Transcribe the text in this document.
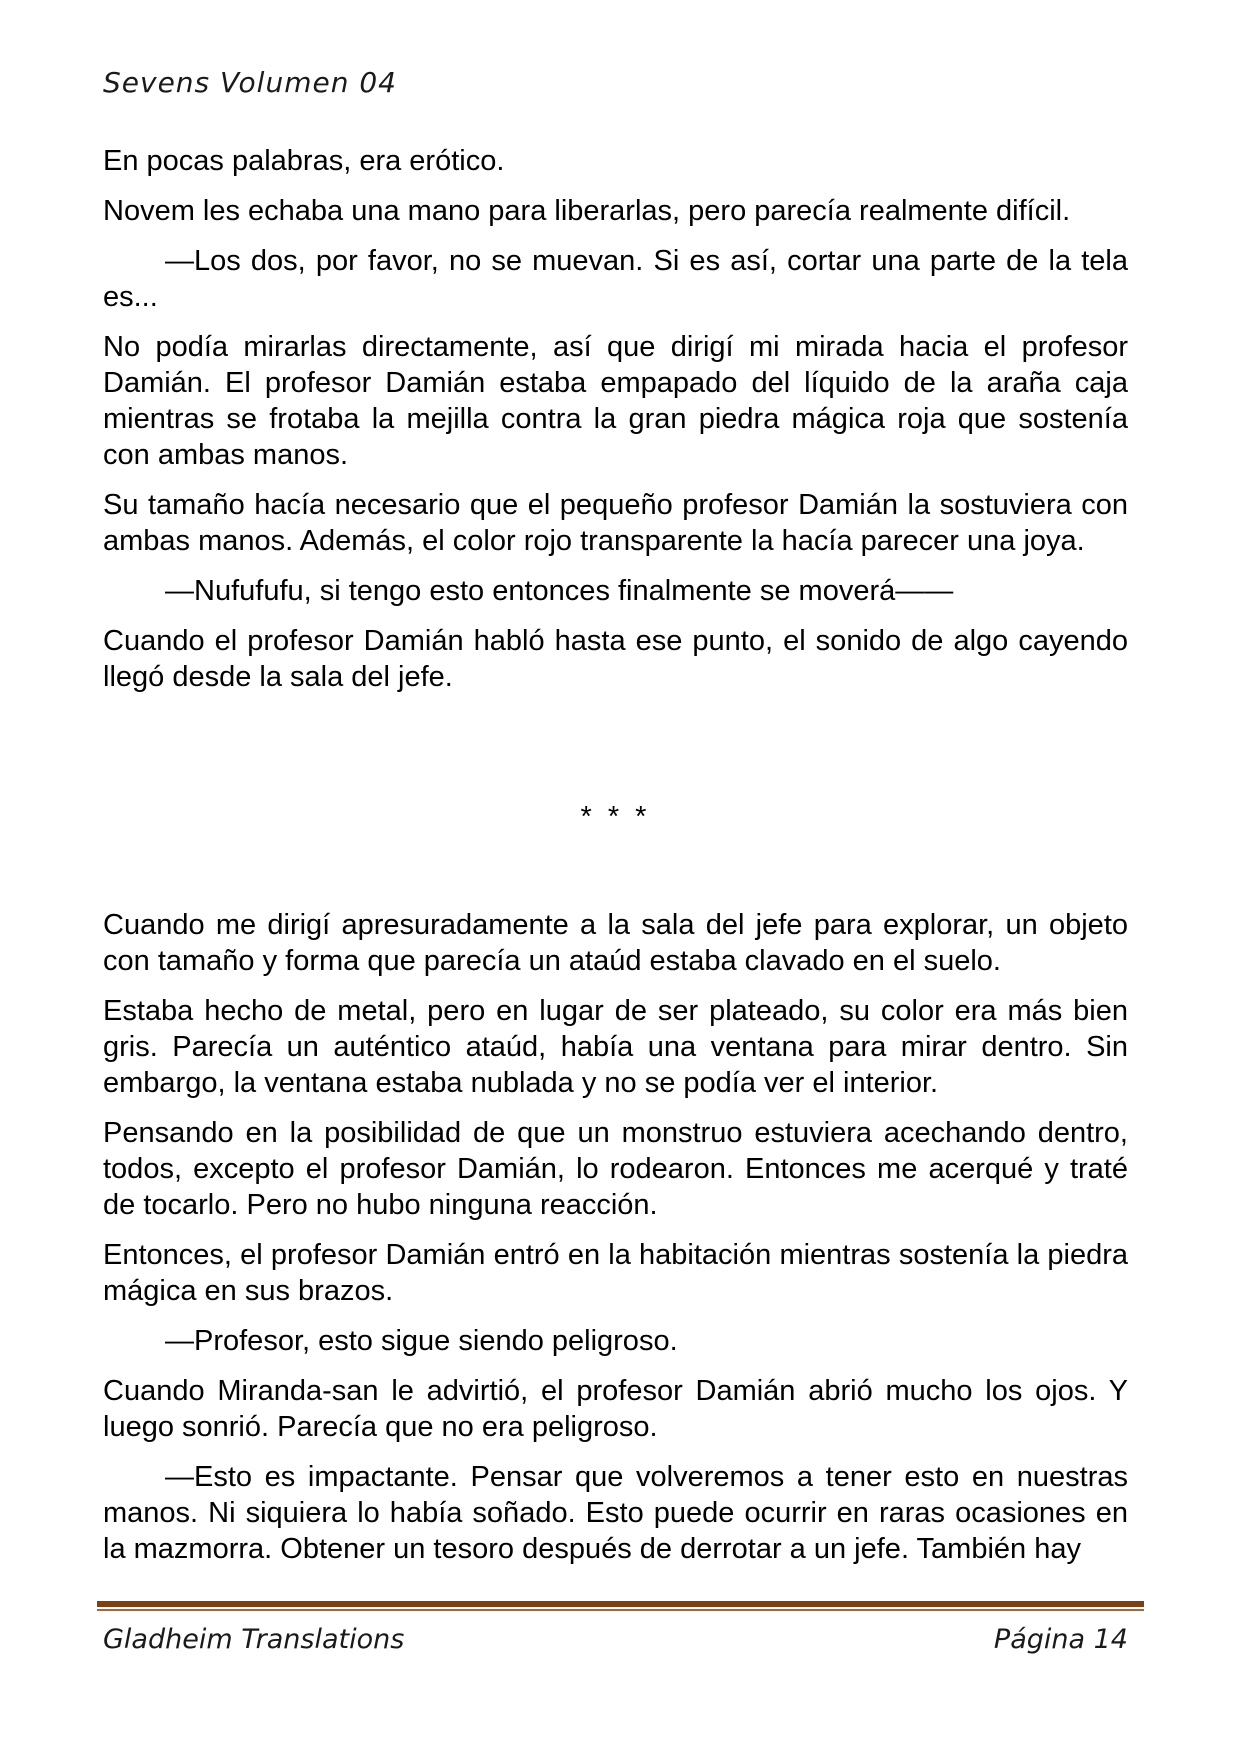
Sevens Volumen 04

En pocas palabras, era erótico.

Novem les echaba una mano para liberarlas, pero parecía realmente difícil.

—Los dos, por favor, no se muevan. Si es así, cortar una parte de la tela es...

No podía mirarlas directamente, así que dirigí mi mirada hacia el profesor Damián. El profesor Damián estaba empapado del líquido de la araña caja mientras se frotaba la mejilla contra la gran piedra mágica roja que sostenía con ambas manos.

Su tamaño hacía necesario que el pequeño profesor Damián la sostuviera con ambas manos. Además, el color rojo transparente la hacía parecer una joya.

—Nufufufu, si tengo esto entonces finalmente se moverá——

Cuando el profesor Damián habló hasta ese punto, el sonido de algo cayendo llegó desde la sala del jefe.

* * *

Cuando me dirigí apresuradamente a la sala del jefe para explorar, un objeto con tamaño y forma que parecía un ataúd estaba clavado en el suelo.

Estaba hecho de metal, pero en lugar de ser plateado, su color era más bien gris. Parecía un auténtico ataúd, había una ventana para mirar dentro. Sin embargo, la ventana estaba nublada y no se podía ver el interior.

Pensando en la posibilidad de que un monstruo estuviera acechando dentro, todos, excepto el profesor Damián, lo rodearon. Entonces me acerqué y traté de tocarlo. Pero no hubo ninguna reacción.

Entonces, el profesor Damián entró en la habitación mientras sostenía la piedra mágica en sus brazos.

—Profesor, esto sigue siendo peligroso.

Cuando Miranda-san le advirtió, el profesor Damián abrió mucho los ojos. Y luego sonrió. Parecía que no era peligroso.

—Esto es impactante. Pensar que volveremos a tener esto en nuestras manos. Ni siquiera lo había soñado. Esto puede ocurrir en raras ocasiones en la mazmorra. Obtener un tesoro después de derrotar a un jefe. También hay

Gladheim Translations	Página 14
